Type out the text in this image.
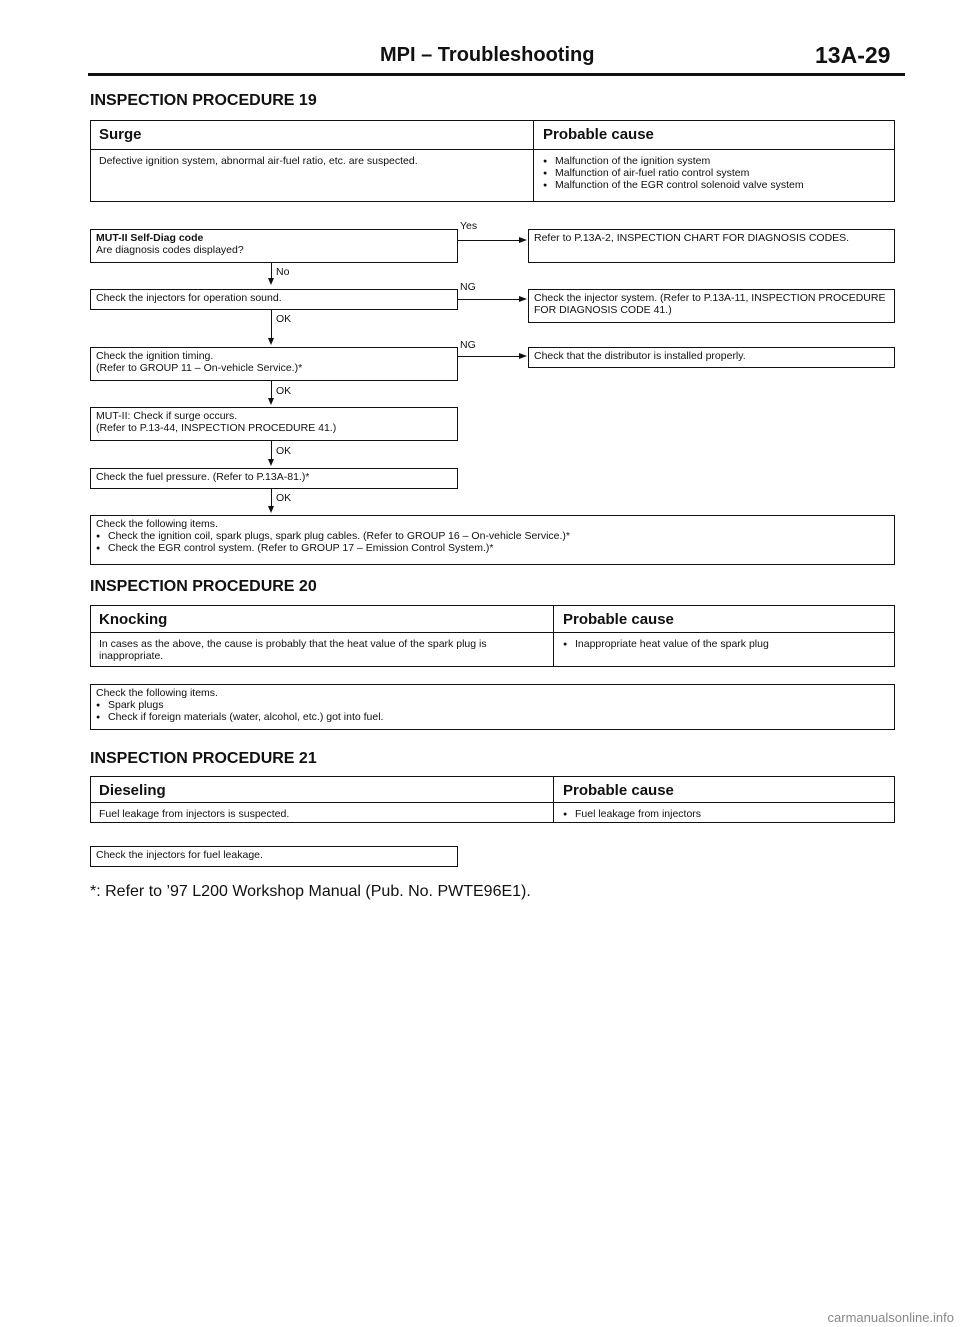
MPI – Troubleshooting	13A-29
INSPECTION PROCEDURE 19
Surge	Probable cause
Defective ignition system, abnormal air-fuel ratio, etc. are suspected.	● Malfunction of the ignition system
● Malfunction of air-fuel ratio control system
● Malfunction of the EGR control solenoid valve system
MUT-II Self-Diag code
Are diagnosis codes displayed?
Yes
Refer to P.13A-2, INSPECTION CHART FOR DIAGNOSIS CODES.
No
Check the injectors for operation sound.
NG
Check the injector system. (Refer to P.13A-11, INSPECTION PROCEDURE FOR DIAGNOSIS CODE 41.)
OK
Check the ignition timing.
(Refer to GROUP 11 – On-vehicle Service.)*
NG
Check that the distributor is installed properly.
OK
MUT-II: Check if surge occurs.
(Refer to P.13-44, INSPECTION PROCEDURE 41.)
OK
Check the fuel pressure. (Refer to P.13A-81.)*
OK
Check the following items.
● Check the ignition coil, spark plugs, spark plug cables. (Refer to GROUP 16 – On-vehicle Service.)*
● Check the EGR control system. (Refer to GROUP 17 – Emission Control System.)*
INSPECTION PROCEDURE 20
Knocking	Probable cause
In cases as the above, the cause is probably that the heat value of the spark plug is inappropriate.
● Inappropriate heat value of the spark plug
Check the following items.
● Spark plugs
● Check if foreign materials (water, alcohol, etc.) got into fuel.
INSPECTION PROCEDURE 21
Dieseling	Probable cause
Fuel leakage from injectors is suspected.	● Fuel leakage from injectors
Check the injectors for fuel leakage.
*: Refer to ’97 L200 Workshop Manual (Pub. No. PWTE96E1).
carmanualsonline.info
